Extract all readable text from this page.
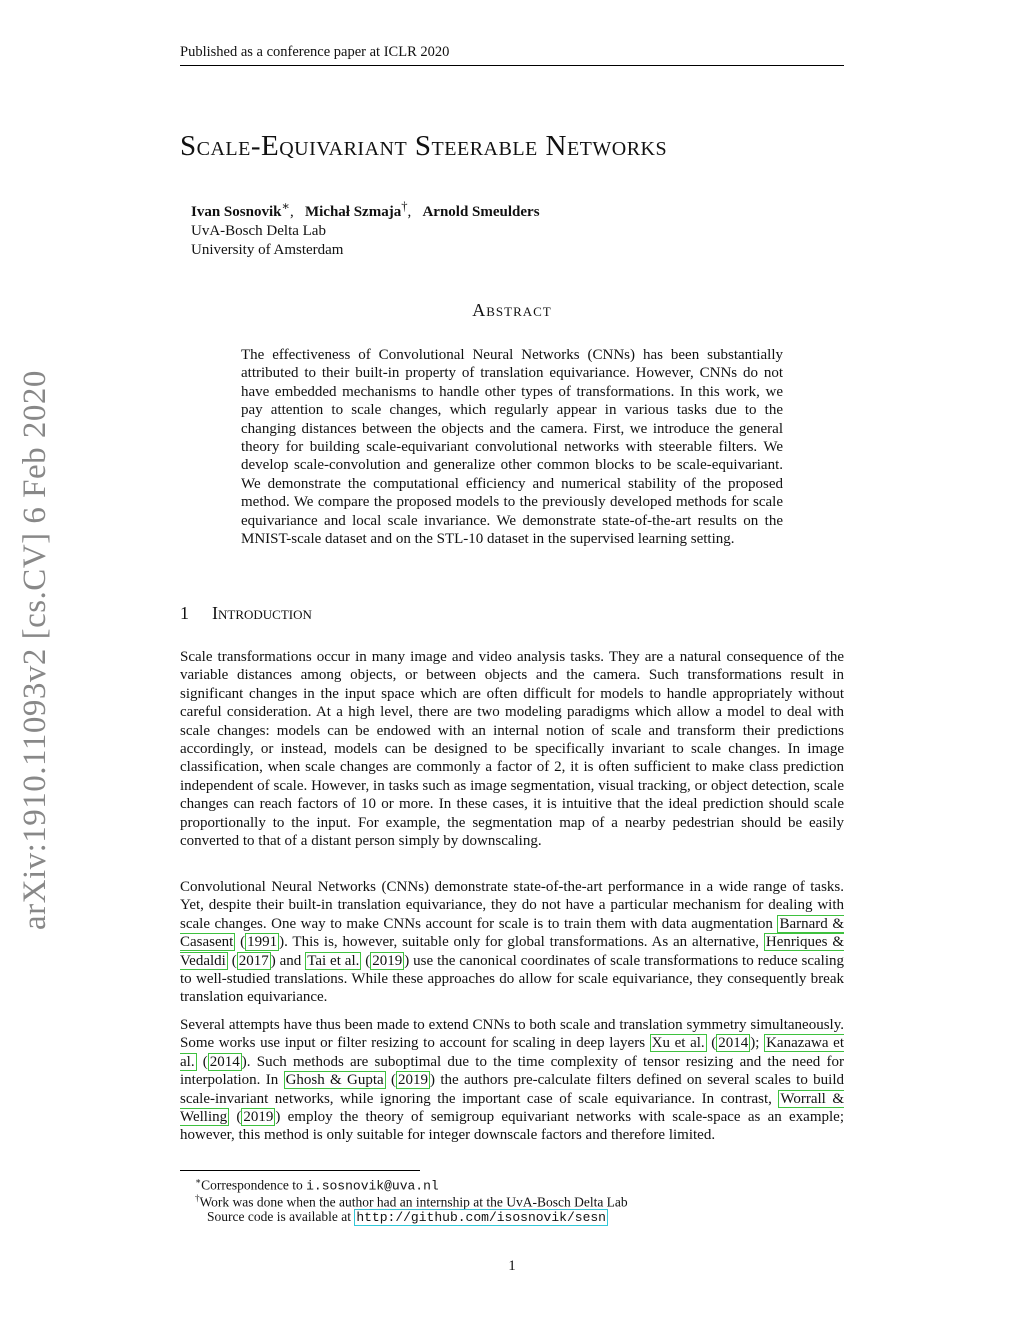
Published as a conference paper at ICLR 2020
arXiv:1910.11093v2 [cs.CV] 6 Feb 2020
Scale-Equivariant Steerable Networks
Ivan Sosnovik∗,   Michał Szmaja†,   Arnold Smeulders
UvA-Bosch Delta Lab
University of Amsterdam
Abstract
The effectiveness of Convolutional Neural Networks (CNNs) has been substantially attributed to their built-in property of translation equivariance. However, CNNs do not have embedded mechanisms to handle other types of transformations. In this work, we pay attention to scale changes, which regularly appear in various tasks due to the changing distances between the objects and the camera. First, we introduce the general theory for building scale-equivariant convolutional networks with steerable filters. We develop scale-convolution and generalize other common blocks to be scale-equivariant. We demonstrate the computational efficiency and numerical stability of the proposed method. We compare the proposed models to the previously developed methods for scale equivariance and local scale invariance. We demonstrate state-of-the-art results on the MNIST-scale dataset and on the STL-10 dataset in the supervised learning setting.
1 Introduction

Scale transformations occur in many image and video analysis tasks. They are a natural consequence of the variable distances among objects, or between objects and the camera. Such transformations result in significant changes in the input space which are often difficult for models to handle appropriately without careful consideration. At a high level, there are two modeling paradigms which allow a model to deal with scale changes: models can be endowed with an internal notion of scale and transform their predictions accordingly, or instead, models can be designed to be specifically invariant to scale changes. In image classification, when scale changes are commonly a factor of 2, it is often sufficient to make class prediction independent of scale. However, in tasks such as image segmentation, visual tracking, or object detection, scale changes can reach factors of 10 or more. In these cases, it is intuitive that the ideal prediction should scale proportionally to the input. For example, the segmentation map of a nearby pedestrian should be easily converted to that of a distant person simply by downscaling.

Convolutional Neural Networks (CNNs) demonstrate state-of-the-art performance in a wide range of tasks. Yet, despite their built-in translation equivariance, they do not have a particular mechanism for dealing with scale changes. One way to make CNNs account for scale is to train them with data augmentation Barnard & Casasent ( 1991 ). This is, however, suitable only for global transformations. As an alternative, Henriques & Vedaldi ( 2017 ) and Tai et al. ( 2019 ) use the canonical coordinates of scale transformations to reduce scaling to well-studied translations. While these approaches do allow for scale equivariance, they consequently break translation equivariance.

Several attempts have thus been made to extend CNNs to both scale and translation symmetry simultaneously. Some works use input or filter resizing to account for scaling in deep layers Xu et al. ( 2014 ); Kanazawa et al. ( 2014 ). Such methods are suboptimal due to the time complexity of tensor resizing and the need for interpolation. In Ghosh & Gupta ( 2019 ) the authors pre-calculate filters defined on several scales to build scale-invariant networks, while ignoring the important case of scale equivariance. In contrast, Worrall & Welling ( 2019 ) employ the theory of semigroup equivariant networks with scale-space as an example; however, this method is only suitable for integer downscale factors and therefore limited.

∗Correspondence to i.sosnovik@uva.nl
†Work was done when the author had an internship at the UvA-Bosch Delta Lab
Source code is available at http://github.com/isosnovik/sesn
1
